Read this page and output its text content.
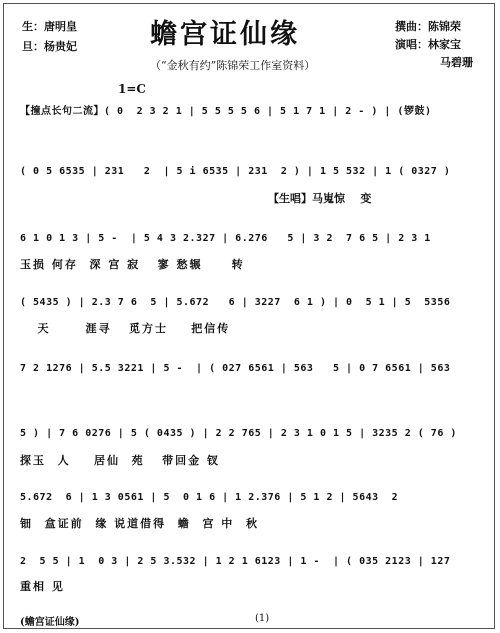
生：唐明皇
旦：杨贵妃	蟾宫证仙缘
（“金秋有约”陈锦荣工作室资料）
撰曲：陈锦荣
演唱：林家宝
马碧珊
1=C
【撞点长句二流】( 0  2 3 2 1 | 5 5 5 5 6 | 5 1 7 1 | 2 - ) | (锣鼓)
( 0 5 6535 | 231   2  | 5 i 6535 | 231  2 ) | 1 5 532 | 1 ( 0327 )
【生唱】马嵬惊    变
6 1 0 1 3 | 5 -  | 5 4 3 2.327 | 6.276   5 | 3 2  7 6 5 | 2 3 1
玉损 何存  深 宫 寂   寥 愁辗     转
( 5435 ) | 2.3 7 6  5 | 5.672   6 | 3227  6 1 ) | 0  5 1 | 5  5356
天      涯寻   觅方士    把信传
7 2 1276 | 5.5 3221 | 5 -  | ( 027 6561 | 563   5 | 0 7 6561 | 563
5 ) | 7 6 0276 | 5 ( 0435 ) | 2 2 765 | 2 3 1 0 1 5 | 3235 2 ( 76 )
探玉  人    居仙  苑   带回金 钗
5.672  6 | 1 3 0561 | 5  0 1 6 | 1 2.376 | 5 1 2 | 5643  2
钿  盒证前  缘 说道借得  蟾  宫 中  秋
2  5 5 | 1  0 3 | 2 5 3.532 | 1 2 1 6123 | 1 -  | ( 035 2123 | 127
重相 见
(蟾宫证仙缘)	(1)
